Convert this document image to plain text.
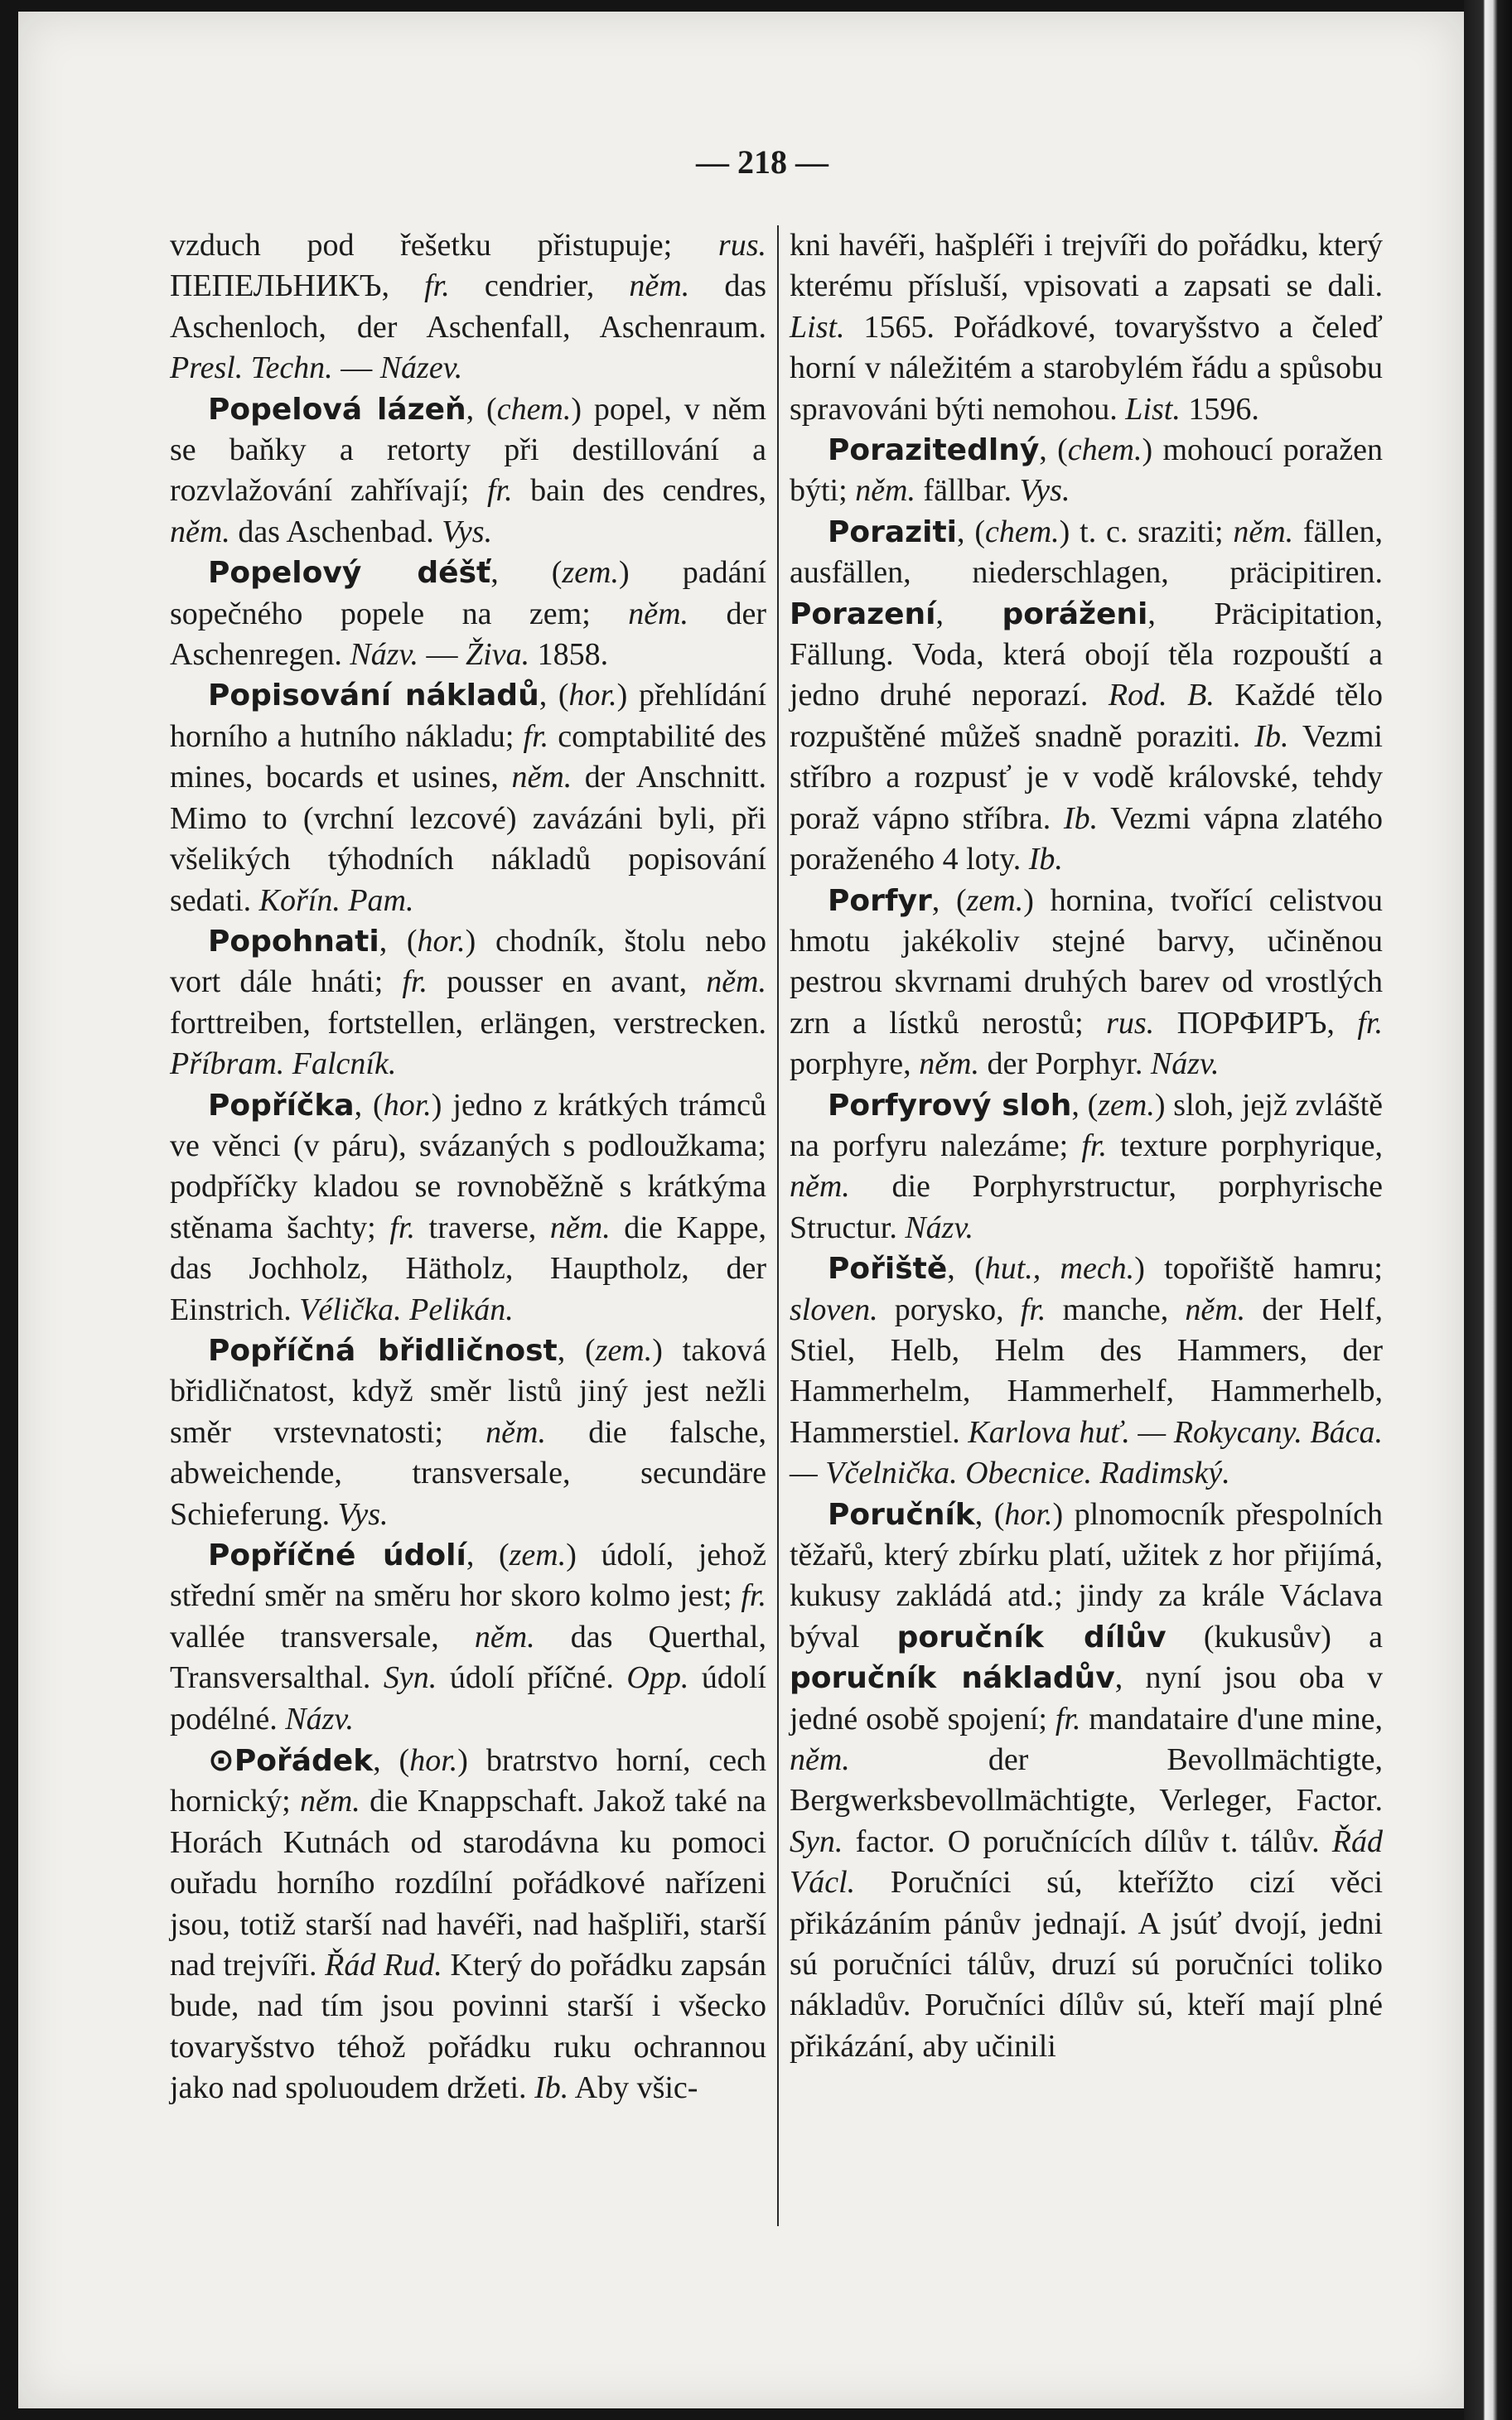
— 218 —

vzduch pod řešetku přistupuje; rus. ПЕПЕЛЬНИКЪ, fr. cendrier, něm. das Aschenloch, der Aschenfall, Aschenraum. Presl. Techn. — Název.

Popelová lázeň, (chem.) popel, v něm se baňky a retorty při destillování a rozvlažování zahřívají; fr. bain des cendres, něm. das Aschenbad. Vys.

Popelový déšť, (zem.) padání sopečného popele na zem; něm. der Aschenregen. Názv. — Živa. 1858.

Popisování nákladů, (hor.) přehlídání horního a hutního nákladu; fr. comptabilité des mines, bocards et usines, něm. der Anschnitt. Mimo to (vrchní lezcové) zavázáni byli, při všelikých týhodních nákladů popisování sedati. Kořín. Pam.

Popohnati, (hor.) chodník, štolu nebo vort dále hnáti; fr. pousser en avant, něm. forttreiben, fortstellen, erlängen, verstrecken. Příbram. Falcník.

Popříčka, (hor.) jedno z krátkých trámců ve věnci (v páru), svázaných s podloužkama; podpříčky kladou se rovnoběžně s krátkýma stěnama šachty; fr. traverse, něm. die Kappe, das Jochholz, Hätholz, Hauptholz, der Einstrich. Vélička. Pelikán.

Popříčná břidličnost, (zem.) taková břidličnatost, když směr listů jiný jest nežli směr vrstevnatosti; něm. die falsche, abweichende, transversale, secundäre Schieferung. Vys.

Popříčné údolí, (zem.) údolí, jehož střední směr na směru hor skoro kolmo jest; fr. vallée transversale, něm. das Querthal, Transversalthal. Syn. údolí příčné. Opp. údolí podélné. Názv.

⊙Pořádek, (hor.) bratrstvo horní, cech hornický; něm. die Knappschaft. Jakož také na Horách Kutnách od starodávna ku pomoci ouřadu horního rozdílní pořádkové nařízeni jsou, totiž starší nad havéři, nad hašpliři, starší nad trejvíři. Řád Rud. Který do pořádku zapsán bude, nad tím jsou povinni starší i všecko tovaryšstvo téhož pořádku ruku ochrannou jako nad spoluoudem držeti. Ib. Aby všic-

kni havéři, hašpléři i trejvíři do pořádku, který kterému přísluší, vpisovati a zapsati se dali. List. 1565. Pořádkové, tovaryšstvo a čeleď horní v náležitém a starobylém řádu a spůsobu spravováni býti nemohou. List. 1596.

Porazitedlný, (chem.) mohoucí poražen býti; něm. fällbar. Vys.

Poraziti, (chem.) t. c. sraziti; něm. fällen, ausfällen, niederschlagen, präcipitiren. Porazení, poráženi, Präcipitation, Fällung. Voda, která obojí těla rozpouští a jedno druhé neporazí. Rod. B. Každé tělo rozpuštěné můžeš snadně poraziti. Ib. Vezmi stříbro a rozpusť je v vodě královské, tehdy poraž vápno stříbra. Ib. Vezmi vápna zlatého poraženého 4 loty. Ib.

Porfyr, (zem.) hornina, tvořící celistvou hmotu jakékoliv stejné barvy, učiněnou pestrou skvrnami druhých barev od vrostlých zrn a lístků nerostů; rus. ПОРФИРЪ, fr. porphyre, něm. der Porphyr. Názv.

Porfyrový sloh, (zem.) sloh, jejž zvláště na porfyru nalezáme; fr. texture porphyrique, něm. die Porphyrstructur, porphyrische Structur. Názv.

Pořiště, (hut., mech.) topořiště hamru; sloven. porysko, fr. manche, něm. der Helf, Stiel, Helb, Helm des Hammers, der Hammerhelm, Hammerhelf, Hammerhelb, Hammerstiel. Karlova huť. — Rokycany. Báca. — Včelnička. Obecnice. Radimský.

Poručník, (hor.) plnomocník přespolních těžařů, který zbírku platí, užitek z hor přijímá, kukusy zakládá atd.; jindy za krále Václava býval poručník dílův (kukusův) a poručník nákladův, nyní jsou oba v jedné osobě spojení; fr. mandataire d'une mine, něm. der Bevollmächtigte, Bergwerksbevollmächtigte, Verleger, Factor. Syn. factor. O poručnících dílův t. tálův. Řád Václ. Poručníci sú, kteřížto cizí věci přikázáním pánův jednají. A jsúť dvojí, jedni sú poručníci tálův, druzí sú poručníci toliko nákladův. Poručníci dílův sú, kteří mají plné přikázání, aby učinili
